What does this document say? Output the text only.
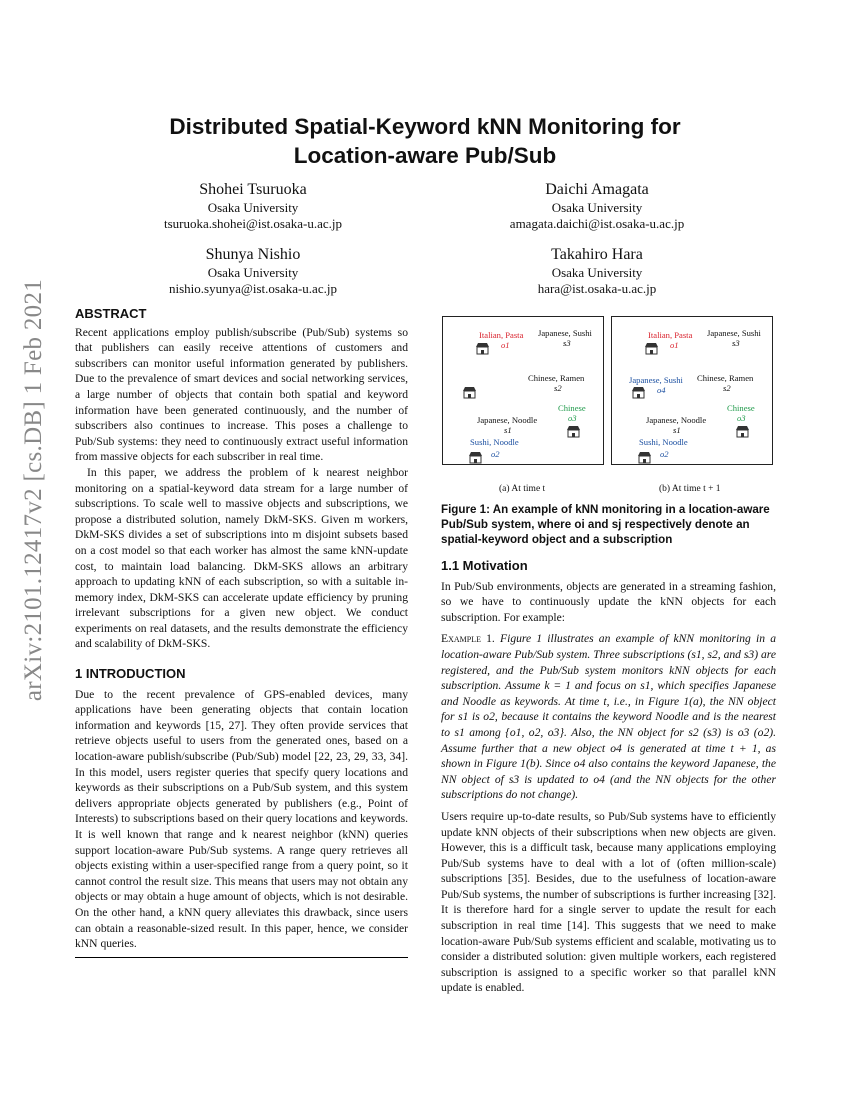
arXiv:2101.12417v2 [cs.DB] 1 Feb 2021
Distributed Spatial-Keyword kNN Monitoring for
Location-aware Pub/Sub
Shohei Tsuruoka
Osaka University
tsuruoka.shohei@ist.osaka-u.ac.jp
Daichi Amagata
Osaka University
amagata.daichi@ist.osaka-u.ac.jp
Shunya Nishio
Osaka University
nishio.syunya@ist.osaka-u.ac.jp
Takahiro Hara
Osaka University
hara@ist.osaka-u.ac.jp
ABSTRACT

Recent applications employ publish/subscribe (Pub/Sub) systems so that publishers can easily receive attentions of customers and subscribers can monitor useful information generated by publishers. Due to the prevalence of smart devices and social networking services, a large number of objects that contain both spatial and keyword information have been generated continuously, and the number of subscribers also continues to increase. This poses a challenge to Pub/Sub systems: they need to continuously extract useful information from massive objects for each subscriber in real time.

In this paper, we address the problem of k nearest neighbor monitoring on a spatial-keyword data stream for a large number of subscriptions. To scale well to massive objects and subscriptions, we propose a distributed solution, namely DkM-SKS. Given m workers, DkM-SKS divides a set of subscriptions into m disjoint subsets based on a cost model so that each worker has almost the same kNN-update cost, to maintain load balancing. DkM-SKS allows an arbitrary approach to updating kNN of each subscription, so with a suitable in-memory index, DkM-SKS can accelerate update efficiency by pruning irrelevant subscriptions for a given new object. We conduct experiments on real datasets, and the results demonstrate the efficiency and scalability of DkM-SKS.

1 INTRODUCTION

Due to the recent prevalence of GPS-enabled devices, many applications have been generating objects that contain location information and keywords [15, 27]. They often provide services that retrieve objects useful to users from the generated ones, based on a location-aware publish/subscribe (Pub/Sub) model [22, 23, 29, 33, 34]. In this model, users register queries that specify query locations and keywords as their subscriptions on a Pub/Sub system, and this system delivers appropriate objects generated by publishers (e.g., Point of Interests) to subscriptions based on their query locations and keywords. It is well known that range and k nearest neighbor (kNN) queries support location-aware Pub/Sub systems. A range query retrieves all objects existing within a user-specified range from a query point, so it cannot control the result size. This means that users may not obtain any objects or may obtain a huge amount of objects, which is not desirable. On the other hand, a kNN query alleviates this drawback, since users can obtain a reasonable-sized result. In this paper, hence, we consider kNN queries.

Italian, Pasta
o1
Japanese, Sushi
s3
Chinese, Ramen
s2
Chinese
o3
Japanese, Noodle
s1
Sushi, Noodle
o2
(a) At time t
Italian, Pasta
o1
Japanese, Sushi
s3
Japanese, Sushi
o4
Chinese, Ramen
s2
Chinese
o3
Japanese, Noodle
s1
Sushi, Noodle
o2
(b) At time t + 1
Figure 1: An example of kNN monitoring in a location-aware Pub/Sub system, where oi and sj respectively denote an spatial-keyword object and a subscription
1.1 Motivation

In Pub/Sub environments, objects are generated in a streaming fashion, so we have to continuously update the kNN objects for each subscription. For example:

Example 1. Figure 1 illustrates an example of kNN monitoring in a location-aware Pub/Sub system. Three subscriptions (s1, s2, and s3) are registered, and the Pub/Sub system monitors kNN objects for each subscription. Assume k = 1 and focus on s1, which specifies Japanese and Noodle as keywords. At time t, i.e., in Figure 1(a), the NN object for s1 is o2, because it contains the keyword Noodle and is the nearest to s1 among {o1, o2, o3}. Also, the NN object for s2 (s3) is o3 (o2). Assume further that a new object o4 is generated at time t + 1, as shown in Figure 1(b). Since o4 also contains the keyword Japanese, the NN object of s3 is updated to o4 (and the NN objects for the other subscriptions do not change).

Users require up-to-date results, so Pub/Sub systems have to efficiently update kNN objects of their subscriptions when new objects are given. However, this is a difficult task, because many applications employing Pub/Sub systems have to deal with a lot of (often million-scale) subscriptions [35]. Besides, due to the usefulness of location-aware Pub/Sub systems, the number of subscriptions is further increasing [32]. It is therefore hard for a single server to update the result for each subscription in real time [14]. This suggests that we need to make location-aware Pub/Sub systems efficient and scalable, motivating us to consider a distributed solution: given multiple workers, each registered subscription is assigned to a specific worker so that parallel kNN update is enabled.
